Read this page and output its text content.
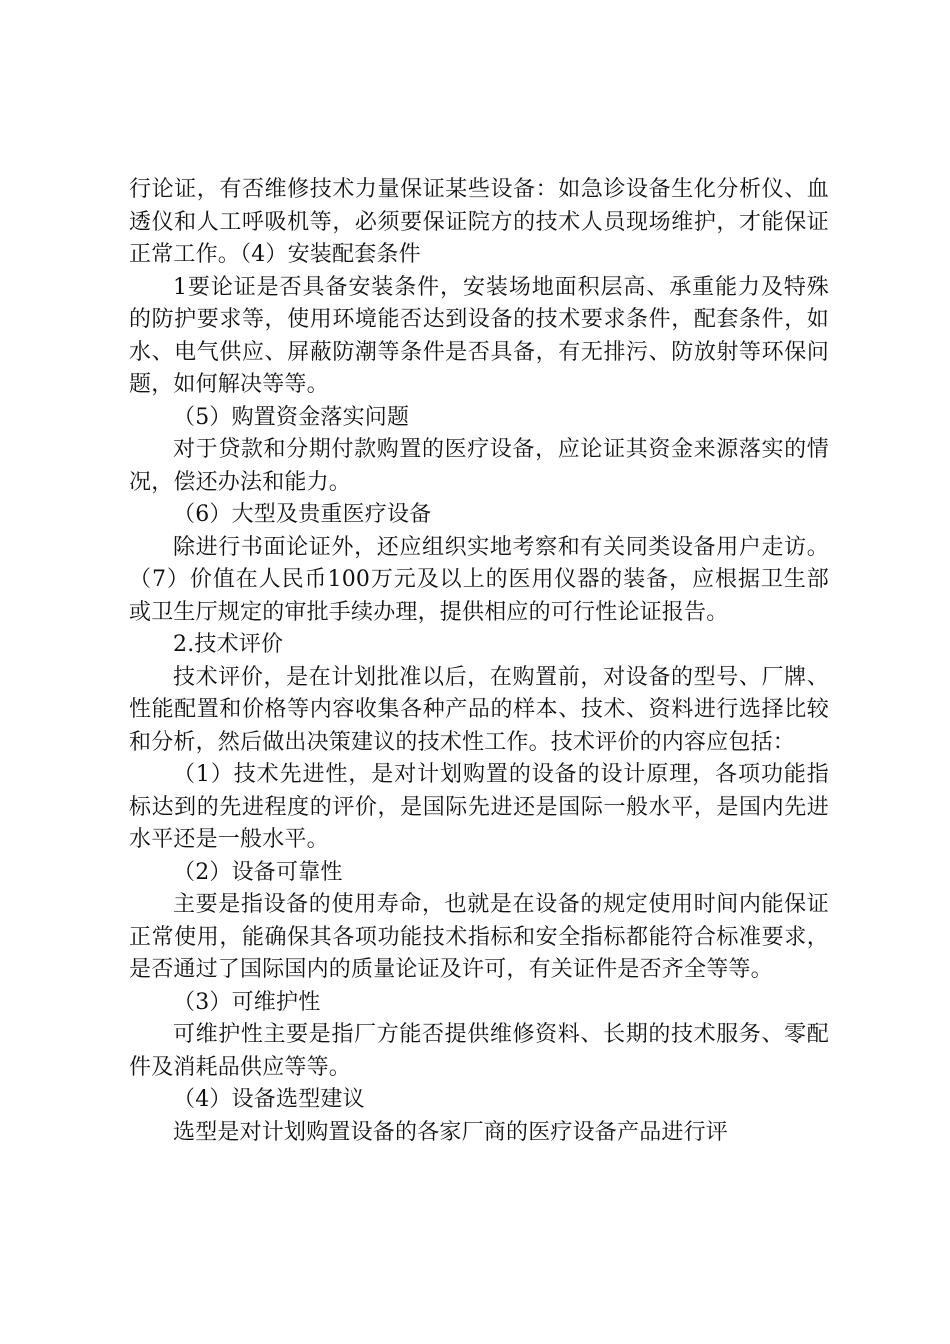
行论证，有否维修技术力量保证某些设备：如急诊设备生化分析仪、血透仪和人工呼吸机等，必须要保证院方的技术人员现场维护，才能保证正常工作。（4）安装配套条件

1要论证是否具备安装条件，安装场地面积层高、承重能力及特殊的防护要求等，使用环境能否达到设备的技术要求条件，配套条件，如水、电气供应、屏蔽防潮等条件是否具备，有无排污、防放射等环保问题，如何解决等等。

（5）购置资金落实问题

对于贷款和分期付款购置的医疗设备，应论证其资金来源落实的情况，偿还办法和能力。

（6）大型及贵重医疗设备

除进行书面论证外，还应组织实地考察和有关同类设备用户走访。（7）价值在人民币100万元及以上的医用仪器的装备，应根据卫生部或卫生厅规定的审批手续办理，提供相应的可行性论证报告。

2.技术评价

技术评价，是在计划批准以后，在购置前，对设备的型号、厂牌、性能配置和价格等内容收集各种产品的样本、技术、资料进行选择比较和分析，然后做出决策建议的技术性工作。技术评价的内容应包括：

（1）技术先进性，是对计划购置的设备的设计原理，各项功能指标达到的先进程度的评价，是国际先进还是国际一般水平，是国内先进水平还是一般水平。

（2）设备可靠性

主要是指设备的使用寿命，也就是在设备的规定使用时间内能保证正常使用，能确保其各项功能技术指标和安全指标都能符合标准要求，是否通过了国际国内的质量论证及许可，有关证件是否齐全等等。

（3）可维护性

可维护性主要是指厂方能否提供维修资料、长期的技术服务、零配件及消耗品供应等等。

（4）设备选型建议

选型是对计划购置设备的各家厂商的医疗设备产品进行评
